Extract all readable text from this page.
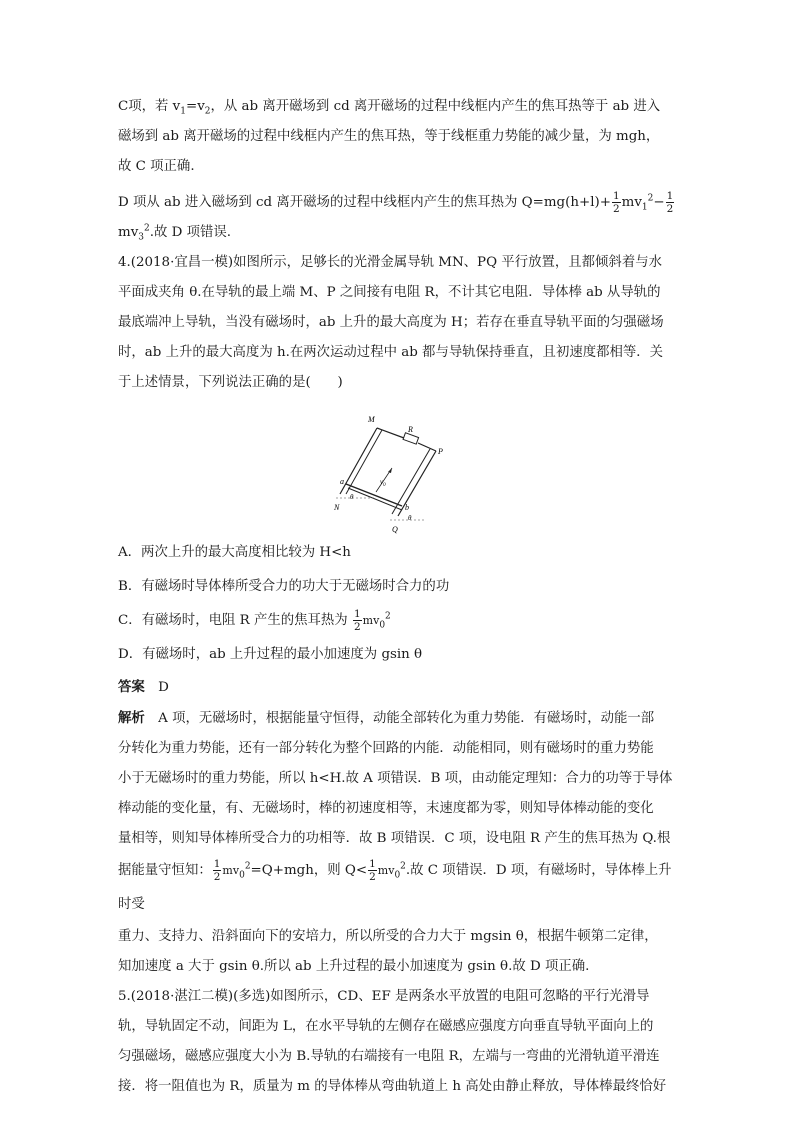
C项，若 $v_1=v_2$，从 ab 离开磁场到 cd 离开磁场的过程中线框内产生的焦耳热等于 ab 进入

磁场到 ab 离开磁场的过程中线框内产生的焦耳热，等于线框重力势能的减少量，为 mgh，

故 C 项正确.

D 项从 ab 进入磁场到 cd 离开磁场的过程中线框内产生的焦耳热为 $Q=mg(h+l)+ \frac{1}{2} mv_1^2- \frac{1}{2}$

$mv_3^2$.故 D 项错误.

4.(2018·宜昌一模)如图所示，足够长的光滑金属导轨 MN、PQ 平行放置，且都倾斜着与水

平面成夹角 θ.在导轨的最上端 M、P 之间接有电阻 R，不计其它电阻．导体棒 ab 从导轨的

最底端冲上导轨，当没有磁场时，ab 上升的最大高度为 H；若存在垂直导轨平面的匀强磁场

时，ab 上升的最大高度为 h.在两次运动过程中 ab 都与导轨保持垂直，且初速度都相等．关

于上述情景，下列说法正确的是(　　)

M
R
P
a	$v_0$
θ
N	b
θ
Q

A．两次上升的最大高度相比较为 H<h

B．有磁场时导体棒所受合力的功大于无磁场时合力的功

C．有磁场时，电阻 R 产生的焦耳热为 $\frac{1}{2} mv_0^2$

D．有磁场时，ab 上升过程的最小加速度为 gsin θ

答案　 D

解析　 A 项，无磁场时，根据能量守恒得，动能全部转化为重力势能．有磁场时，动能一部

分转化为重力势能，还有一部分转化为整个回路的内能．动能相同，则有磁场时的重力势能

小于无磁场时的重力势能，所以 h<H.故 A 项错误．B 项，由动能定理知：合力的功等于导体

棒动能的变化量，有、无磁场时，棒的初速度相等，末速度都为零，则知导体棒动能的变化

量相等，则知导体棒所受合力的功相等．故 B 项错误．C 项，设电阻 R 产生的焦耳热为 Q.根

据能量守恒知： $\frac{1}{2} mv_0^2=Q+mgh$，则 $Q< \frac{1}{2} mv_0^2$.故 C 项错误．D 项，有磁场时，导体棒上升时受

重力、支持力、沿斜面向下的安培力，所以所受的合力大于 mgsin θ，根据牛顿第二定律，

知加速度 a 大于 gsin θ.所以 ab 上升过程的最小加速度为 gsin θ.故 D 项正确.

5.(2018·湛江二模)(多选)如图所示，CD、EF 是两条水平放置的电阻可忽略的平行光滑导

轨，导轨固定不动，间距为 L，在水平导轨的左侧存在磁感应强度方向垂直导轨平面向上的

匀强磁场，磁感应强度大小为 B.导轨的右端接有一电阻 R，左端与一弯曲的光滑轨道平滑连

接．将一阻值也为 R，质量为 m 的导体棒从弯曲轨道上 h 高处由静止释放，导体棒最终恰好
